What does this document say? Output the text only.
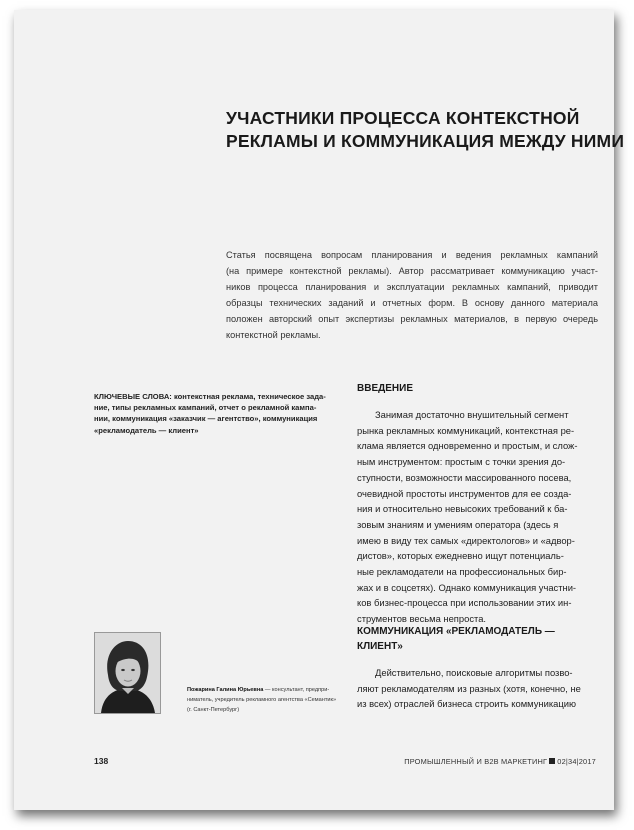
УЧАСТНИКИ ПРОЦЕССА КОНТЕКСТНОЙ
РЕКЛАМЫ И КОММУНИКАЦИЯ МЕЖДУ НИМИ
Статья посвящена вопросам планирования и ведения рекламных кампаний
(на примере контекстной рекламы). Автор рассматривает коммуникацию участ-
ников процесса планирования и эксплуатации рекламных кампаний, приводит
образцы технических заданий и отчетных форм. В основу данного материала
положен авторский опыт экспертизы рекламных материалов, в первую очередь
контекстной рекламы.
КЛЮЧЕВЫЕ СЛОВА: контекстная реклама, техническое зада-
ние, типы рекламных кампаний, отчет о рекламной кампа-
нии, коммуникация «заказчик — агентство», коммуникация
«рекламодатель — клиент»
ВВЕДЕНИЕ
Занимая достаточно внушительный сегмент
рынка рекламных коммуникаций, контекстная ре-
клама является одновременно и простым, и слож-
ным инструментом: простым с точки зрения до-
ступности, возможности массированного посева,
очевидной простоты инструментов для ее созда-
ния и относительно невысоких требований к ба-
зовым знаниям и умениям оператора (здесь я
имею в виду тех самых «директологов» и «адвор-
дистов», которых ежедневно ищут потенциаль-
ные рекламодатели на профессиональных бир-
жах и в соцсетях). Однако коммуникация участни-
ков бизнес-процесса при использовании этих ин-
струментов весьма непроста.
КОММУНИКАЦИЯ «РЕКЛАМОДАТЕЛЬ —
КЛИЕНТ»
Действительно, поисковые алгоритмы позво-
ляют рекламодателям из разных (хотя, конечно, не
из всех) отраслей бизнеса строить коммуникацию
Пожарина Галина Юрьевна — консультант, предпри-
ниматель, учредитель рекламного агентства «Семантик»
(г. Санкт-Петербург)
138	ПРОМЫШЛЕННЫЙ И B2B МАРКЕТИНГ 02|34|2017
